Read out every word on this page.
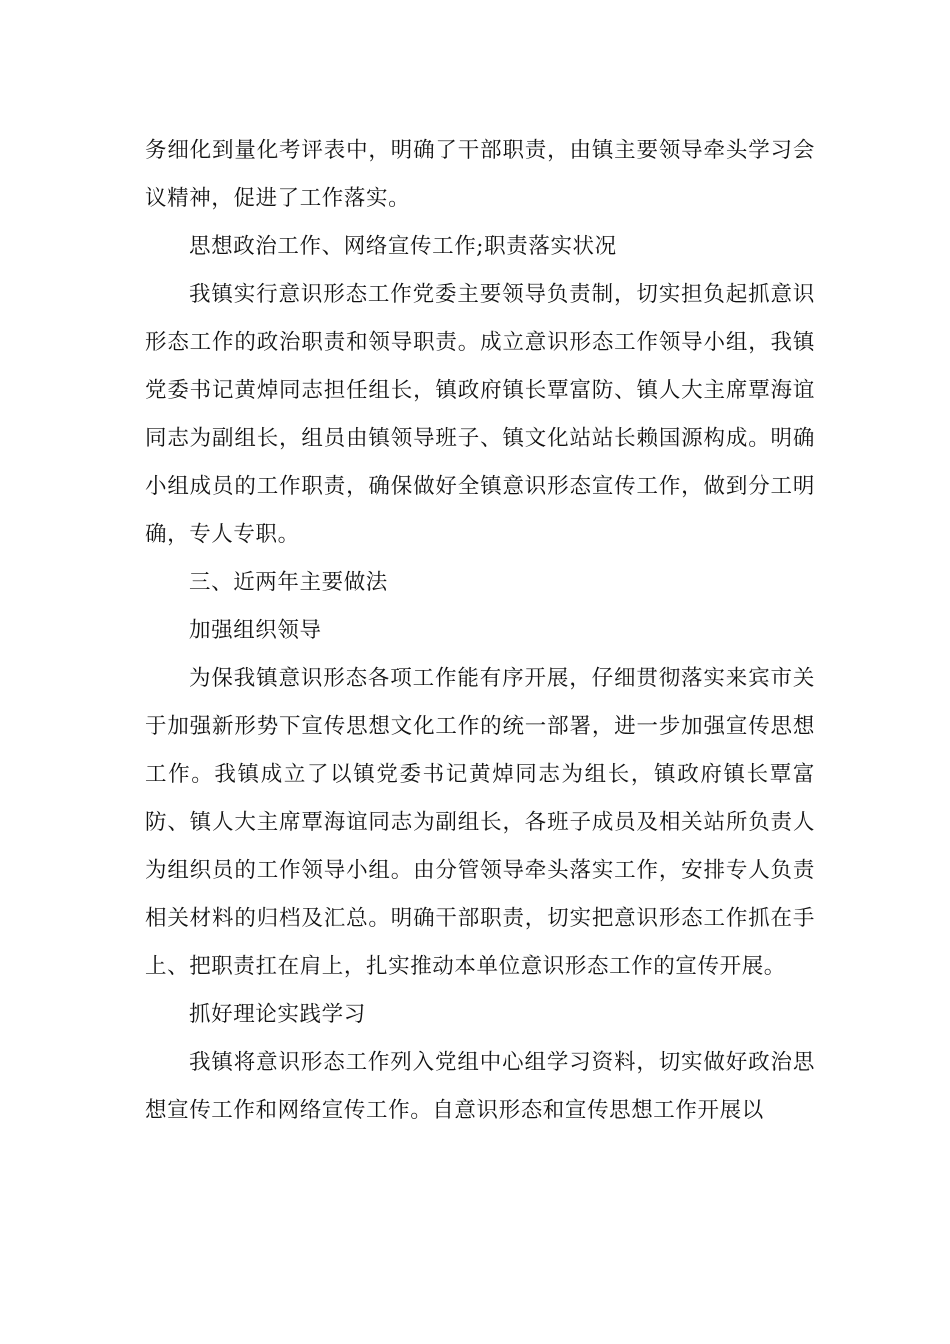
务细化到量化考评表中，明确了干部职责，由镇主要领导牵头学习会议精神，促进了工作落实。

思想政治工作、网络宣传工作;职责落实状况

我镇实行意识形态工作党委主要领导负责制，切实担负起抓意识形态工作的政治职责和领导职责。成立意识形态工作领导小组，我镇党委书记黄焯同志担任组长，镇政府镇长覃富防、镇人大主席覃海谊同志为副组长，组员由镇领导班子、镇文化站站长赖国源构成。明确小组成员的工作职责，确保做好全镇意识形态宣传工作，做到分工明确，专人专职。

三、近两年主要做法

加强组织领导

为保我镇意识形态各项工作能有序开展，仔细贯彻落实来宾市关于加强新形势下宣传思想文化工作的统一部署，进一步加强宣传思想工作。我镇成立了以镇党委书记黄焯同志为组长，镇政府镇长覃富防、镇人大主席覃海谊同志为副组长，各班子成员及相关站所负责人为组织员的工作领导小组。由分管领导牵头落实工作，安排专人负责相关材料的归档及汇总。明确干部职责，切实把意识形态工作抓在手上、把职责扛在肩上，扎实推动本单位意识形态工作的宣传开展。

抓好理论实践学习

我镇将意识形态工作列入党组中心组学习资料，切实做好政治思想宣传工作和网络宣传工作。自意识形态和宣传思想工作开展以
